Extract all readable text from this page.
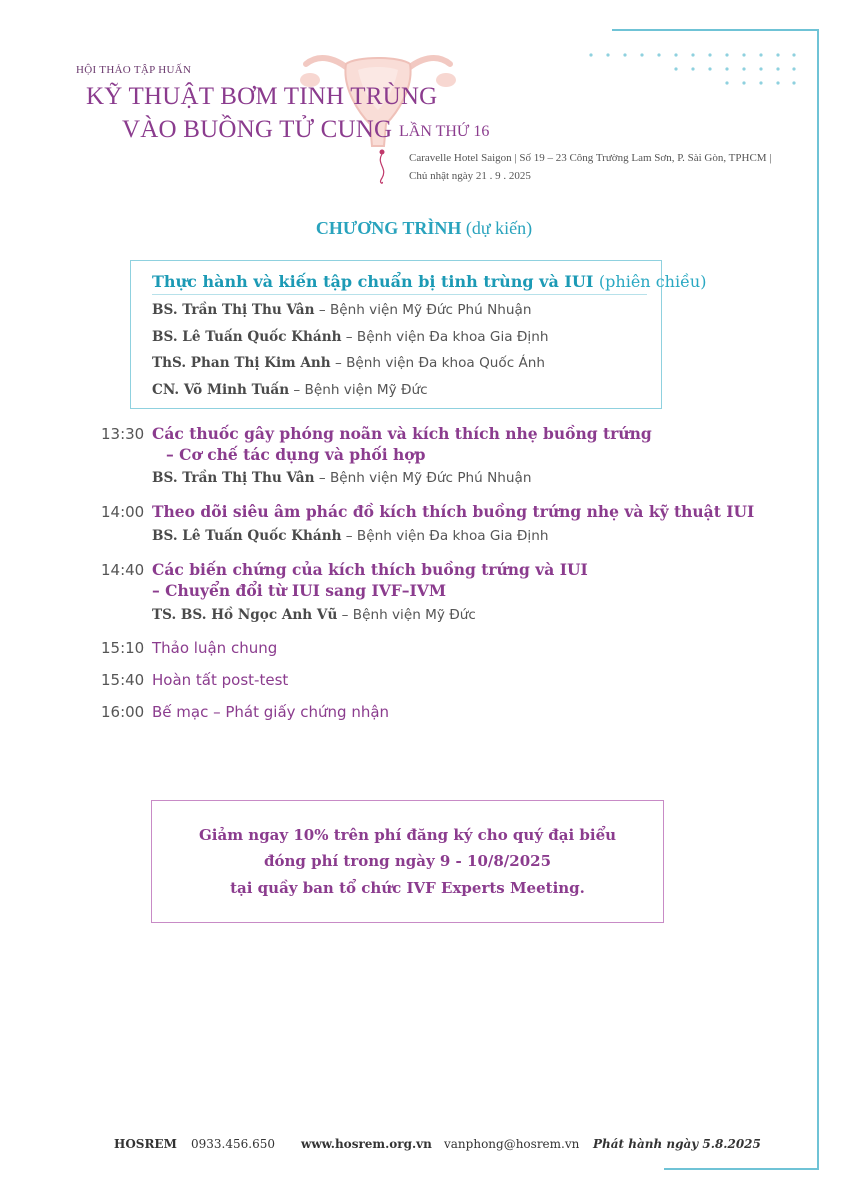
HỘI THẢO TẬP HUẤN
KỸ THUẬT BƠM TINH TRÙNG
VÀO BUỒNG TỬ CUNG LẦN THỨ 16
Caravelle Hotel Saigon | Số 19 – 23 Công Trường Lam Sơn, P. Sài Gòn, TPHCM |
Chủ nhật ngày 21 . 9 . 2025
CHƯƠNG TRÌNH (dự kiến)
Thực hành và kiến tập chuẩn bị tinh trùng và IUI (phiên chiều)
BS. Trần Thị Thu Vân – Bệnh viện Mỹ Đức Phú Nhuận
BS. Lê Tuấn Quốc Khánh – Bệnh viện Đa khoa Gia Định
ThS. Phan Thị Kim Anh – Bệnh viện Đa khoa Quốc Ánh
CN. Võ Minh Tuấn – Bệnh viện Mỹ Đức
13:30 Các thuốc gây phóng noãn và kích thích nhẹ buồng trứng
– Cơ chế tác dụng và phối hợp
BS. Trần Thị Thu Vân – Bệnh viện Mỹ Đức Phú Nhuận
14:00 Theo dõi siêu âm phác đồ kích thích buồng trứng nhẹ và kỹ thuật IUI
BS. Lê Tuấn Quốc Khánh – Bệnh viện Đa khoa Gia Định
14:40 Các biến chứng của kích thích buồng trứng và IUI
– Chuyển đổi từ IUI sang IVF–IVM
TS. BS. Hồ Ngọc Anh Vũ – Bệnh viện Mỹ Đức
15:10 Thảo luận chung
15:40 Hoàn tất post-test
16:00 Bế mạc – Phát giấy chứng nhận
Giảm ngay 10% trên phí đăng ký cho quý đại biểu
đóng phí trong ngày 9 - 10/8/2025
tại quầy ban tổ chức IVF Experts Meeting.
HOSREM 0933.456.650 www.hosrem.org.vn vanphong@hosrem.vn Phát hành ngày 5.8.2025
